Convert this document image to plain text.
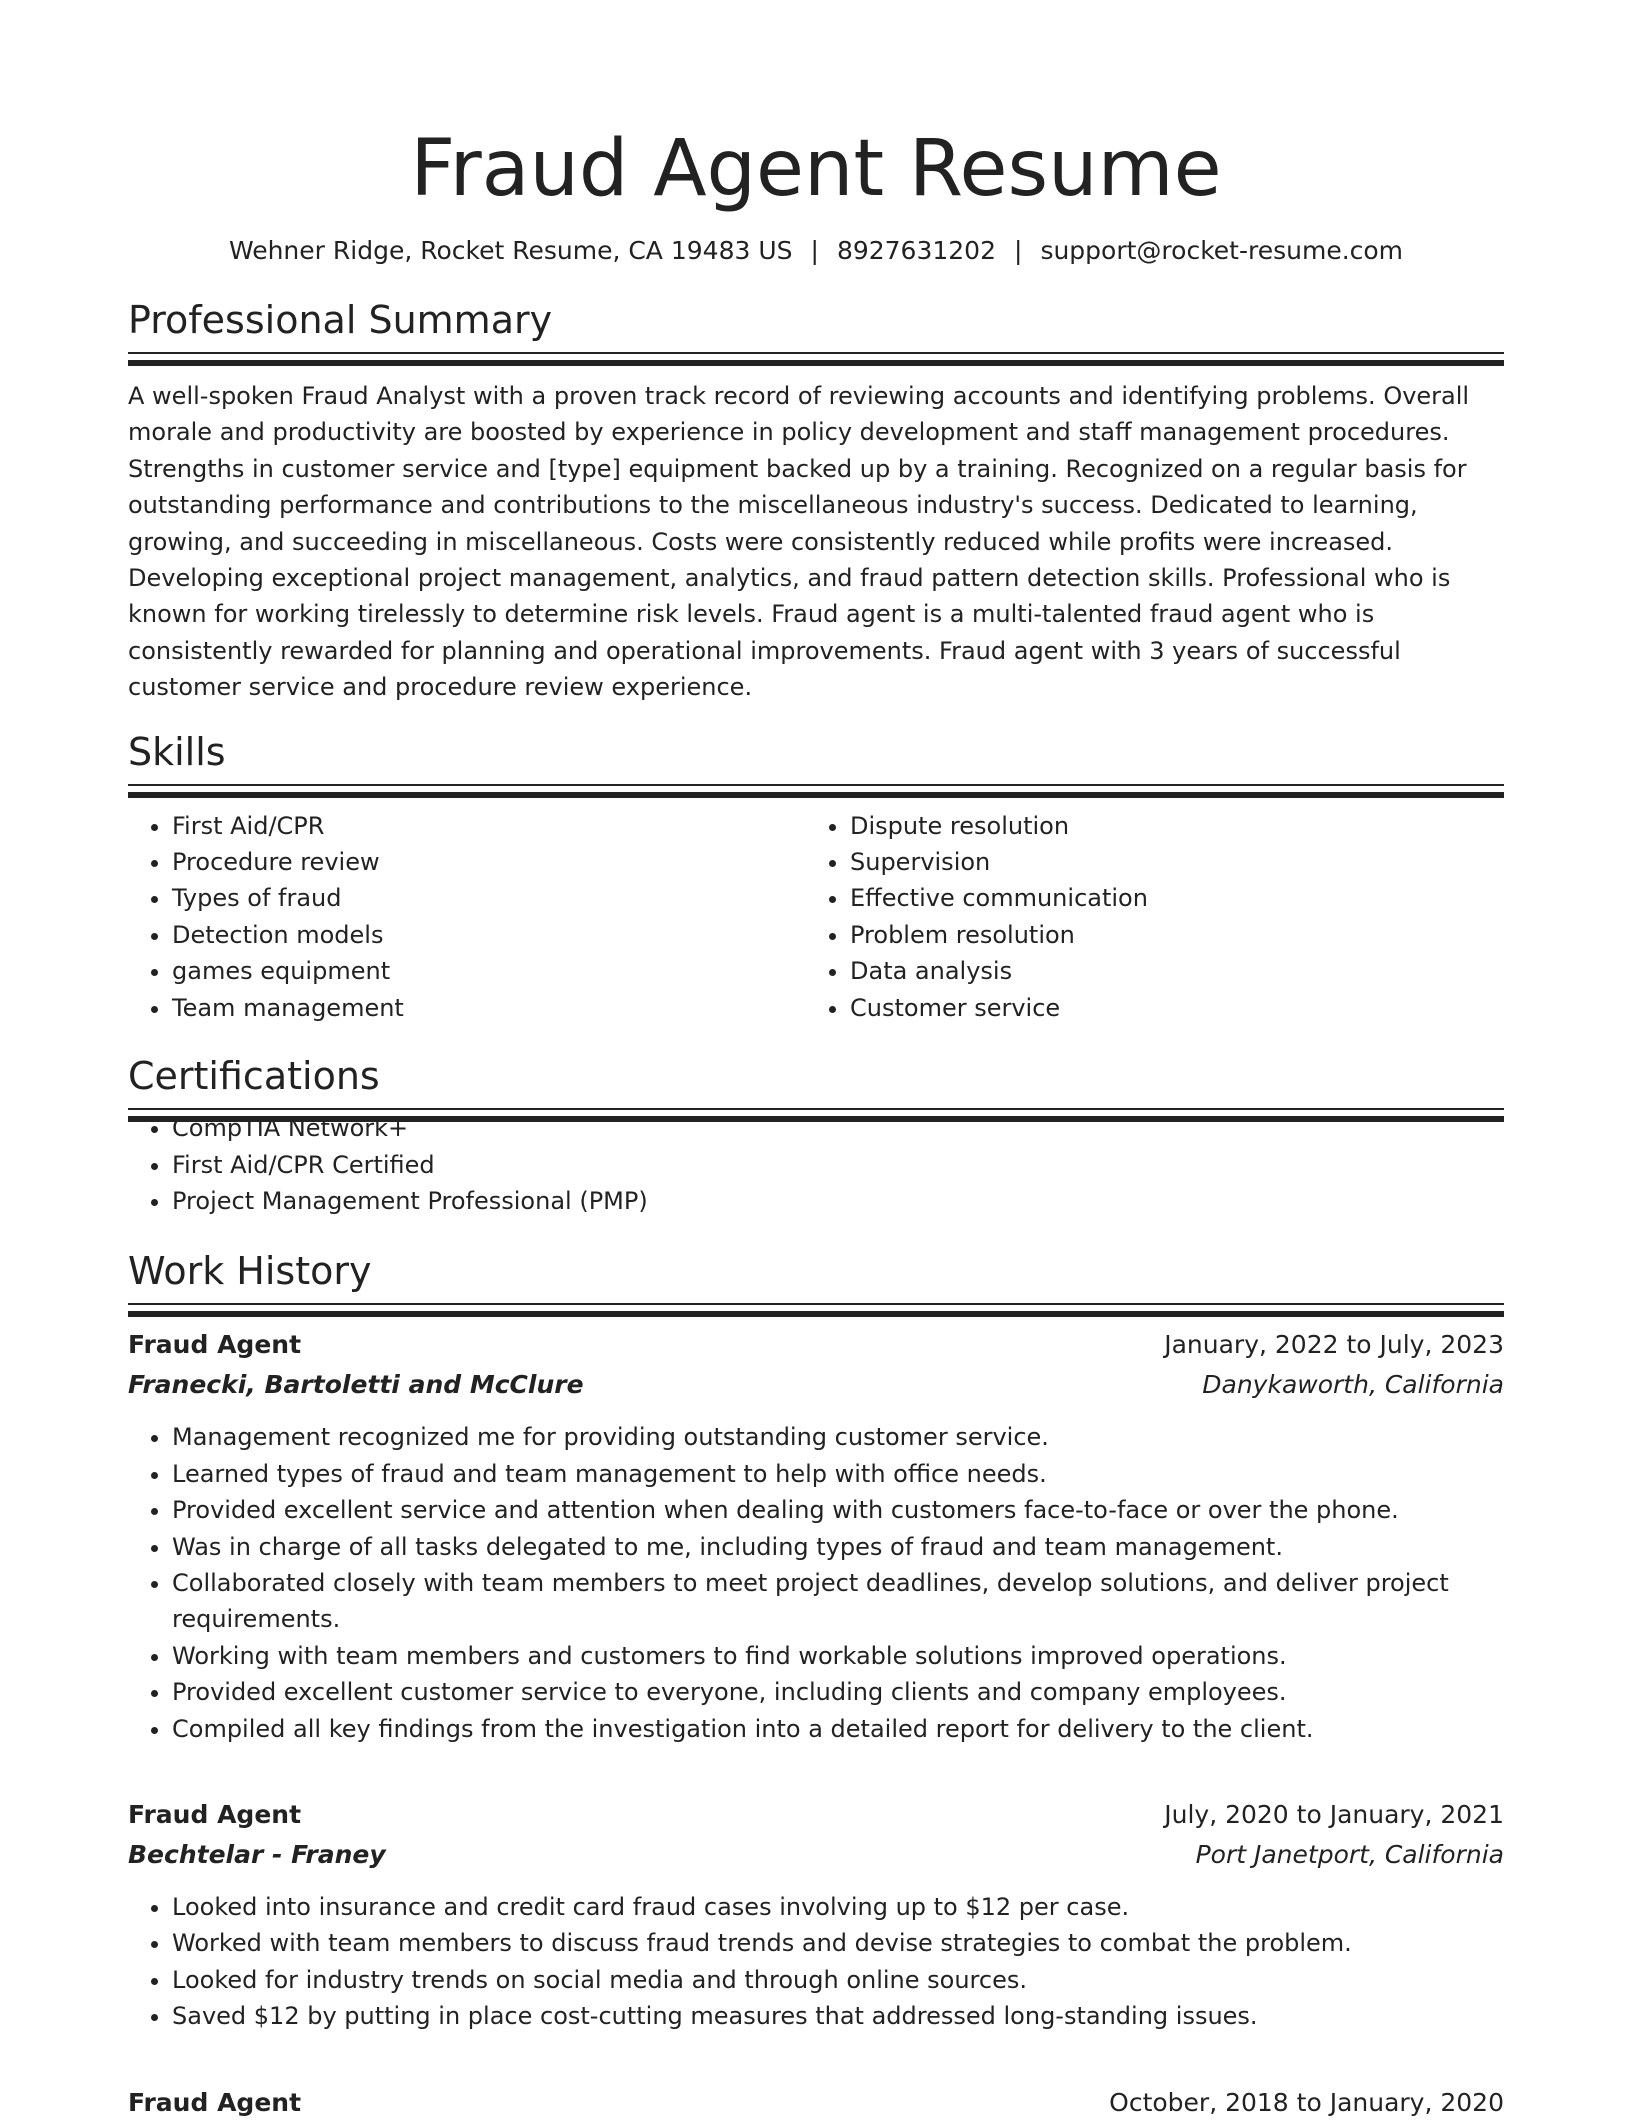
Fraud Agent Resume
Wehner Ridge, Rocket Resume, CA 19483 US | 8927631202 | support@rocket-resume.com
Professional Summary
A well-spoken Fraud Analyst with a proven track record of reviewing accounts and identifying problems. Overall morale and productivity are boosted by experience in policy development and staff management procedures. Strengths in customer service and [type] equipment backed up by a training. Recognized on a regular basis for outstanding performance and contributions to the miscellaneous industry's success. Dedicated to learning, growing, and succeeding in miscellaneous. Costs were consistently reduced while profits were increased. Developing exceptional project management, analytics, and fraud pattern detection skills. Professional who is known for working tirelessly to determine risk levels. Fraud agent is a multi-talented fraud agent who is consistently rewarded for planning and operational improvements. Fraud agent with 3 years of successful customer service and procedure review experience.
Skills
• First Aid/CPR
• Procedure review
• Types of fraud
• Detection models
• games equipment
• Team management
• Dispute resolution
• Supervision
• Effective communication
• Problem resolution
• Data analysis
• Customer service
Certifications
• CompTIA Network+
• First Aid/CPR Certified
• Project Management Professional (PMP)
Work History
Fraud Agent	January, 2022 to July, 2023
Franecki, Bartoletti and McClure	Danykaworth, California
• Management recognized me for providing outstanding customer service.
• Learned types of fraud and team management to help with office needs.
• Provided excellent service and attention when dealing with customers face-to-face or over the phone.
• Was in charge of all tasks delegated to me, including types of fraud and team management.
• Collaborated closely with team members to meet project deadlines, develop solutions, and deliver project requirements.
• Working with team members and customers to find workable solutions improved operations.
• Provided excellent customer service to everyone, including clients and company employees.
• Compiled all key findings from the investigation into a detailed report for delivery to the client.
Fraud Agent	July, 2020 to January, 2021
Bechtelar - Franey	Port Janetport, California
• Looked into insurance and credit card fraud cases involving up to $12 per case.
• Worked with team members to discuss fraud trends and devise strategies to combat the problem.
• Looked for industry trends on social media and through online sources.
• Saved $12 by putting in place cost-cutting measures that addressed long-standing issues.
Fraud Agent	October, 2018 to January, 2020
